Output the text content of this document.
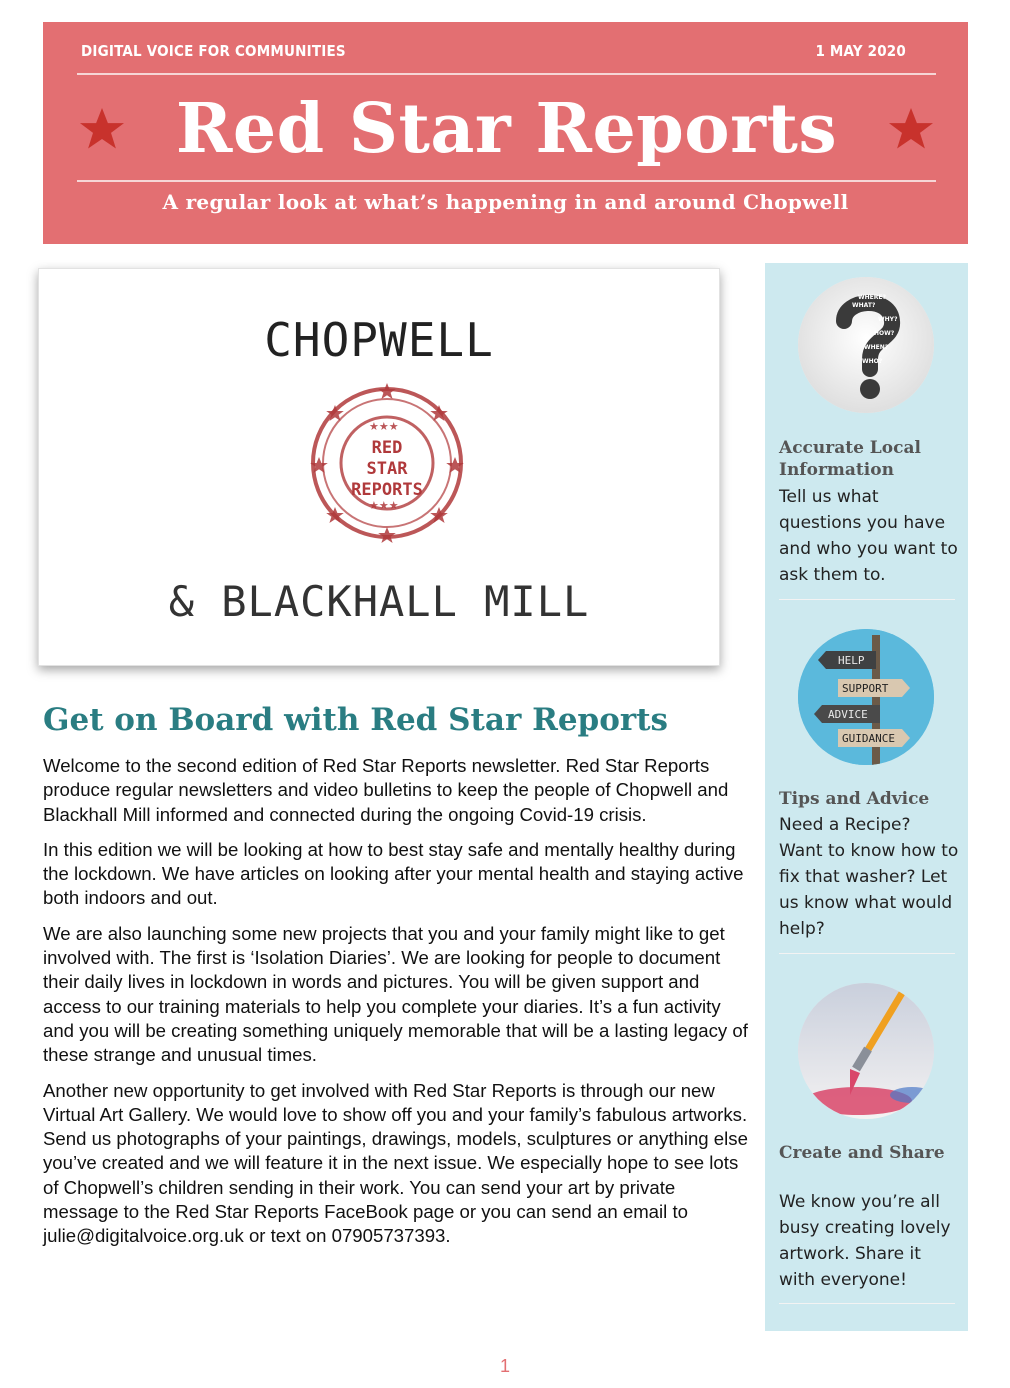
DIGITAL VOICE FOR COMMUNITIES	1 MAY 2020
Red Star Reports
A regular look at what’s happening in and around Chopwell
CHOPWELL
★★★
★★★
RED
STAR
REPORTS
& BLACKHALL MILL
Get on Board with Red Star Reports

Welcome to the second edition of Red Star Reports newsletter. Red Star Reports produce regular newsletters and video bulletins to keep the people of Chopwell and Blackhall Mill informed and connected during the ongoing Covid-19 crisis.

In this edition we will be looking at how to best stay safe and mentally healthy during the lockdown. We have articles on looking after your mental health and staying active both indoors and out.

We are also launching some new projects that you and your family might like to get involved with. The first is ‘Isolation Diaries’. We are looking for people to document their daily lives in lockdown in words and pictures. You will be given support and access to our training materials to help you complete your diaries. It’s a fun activity and you will be creating something uniquely memorable that will be a lasting legacy of these strange and unusual times.

Another new opportunity to get involved with Red Star Reports is through our new Virtual Art Gallery. We would love to show off you and your family’s fabulous artworks. Send us photographs of your paintings, drawings, models, sculptures or anything else you’ve created and we will feature it in the next issue. We especially hope to see lots of Chopwell’s children sending in their work. You can send your art by private message to the Red Star Reports FaceBook page or you can send an email to julie@digitalvoice.org.uk or text on 07905737393.

WHAT?
WHY?
HOW?
WHERE?
WHEN?
WHO?
Accurate Local Information
Tell us what questions you have and who you want to ask them to.
HELP
SUPPORT
ADVICE
GUIDANCE
Tips and Advice
Need a Recipe? Want to know how to fix that washer? Let us know what would help?
Create and Share
We know you’re all busy creating lovely artwork. Share it with everyone!
1
